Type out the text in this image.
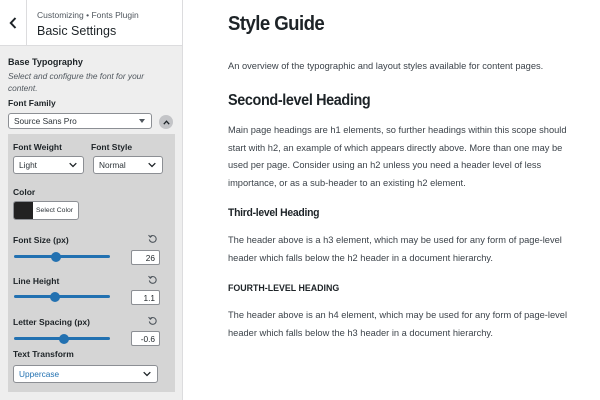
Customizing • Fonts Plugin
Basic Settings
Base Typography
Select and configure the font for your content.
Font Family
Source Sans Pro
Font Weight	Font Style
Light	Normal
Color
Select Color
Font Size (px)
26
Line Height
1.1
Letter Spacing (px)
-0.6
Text Transform
Uppercase
Style Guide
An overview of the typographic and layout styles available for content pages.
Second-level Heading
Main page headings are h1 elements, so further headings within this scope should start with h2, an example of which appears directly above. More than one may be used per page. Consider using an h2 unless you need a header level of less importance, or as a sub-header to an existing h2 element.
Third-level Heading
The header above is a h3 element, which may be used for any form of page-level header which falls below the h2 header in a document hierarchy.
FOURTH-LEVEL HEADING
The header above is an h4 element, which may be used for any form of page-level header which falls below the h3 header in a document hierarchy.
